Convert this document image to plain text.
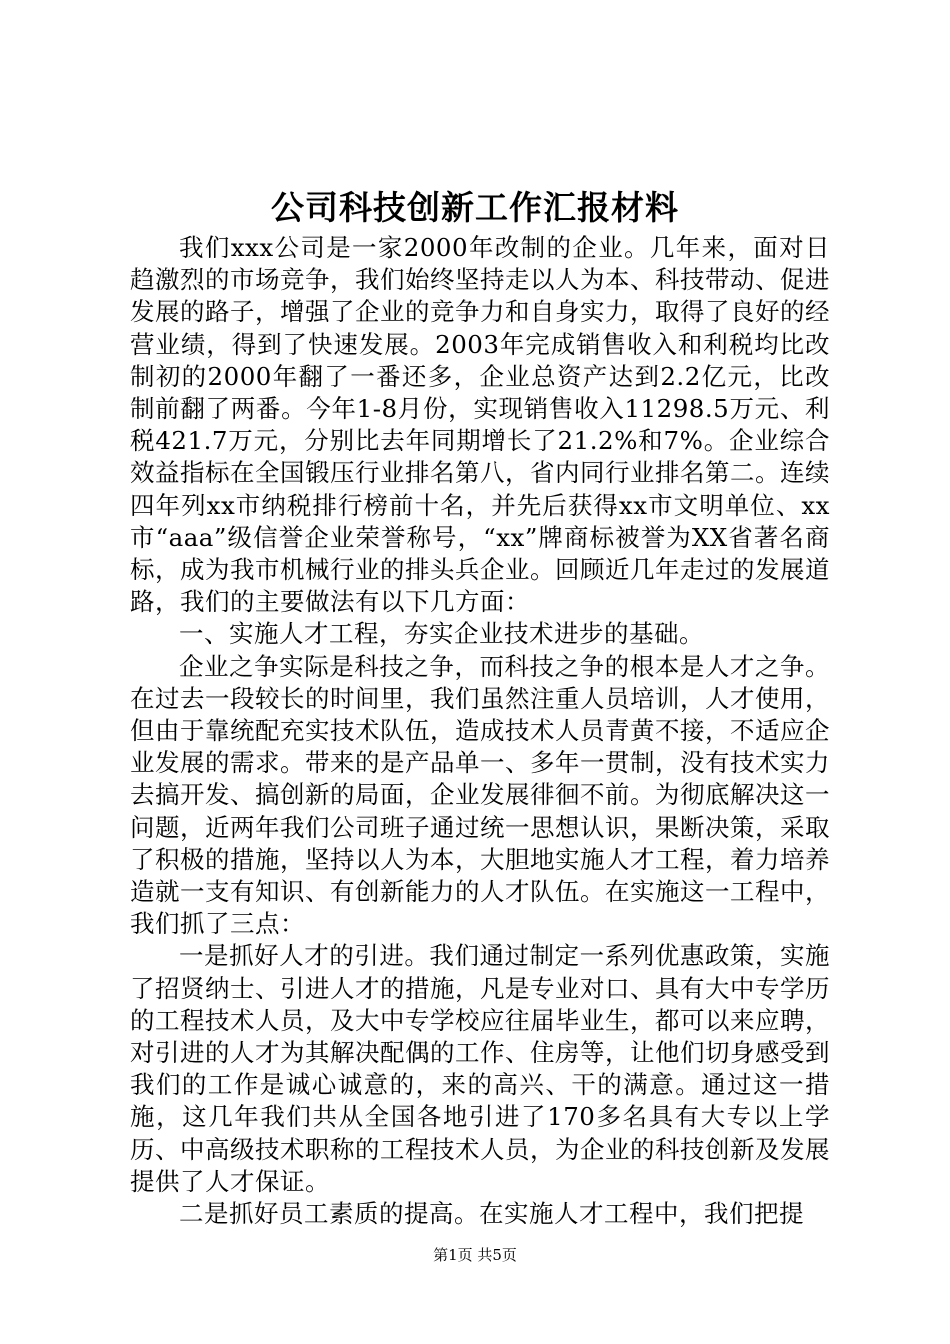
公司科技创新工作汇报材料

我们xxx公司是一家2000年改制的企业。几年来，面对日趋激烈的市场竞争，我们始终坚持走以人为本、科技带动、促进发展的路子，增强了企业的竞争力和自身实力，取得了良好的经营业绩，得到了快速发展。2003年完成销售收入和利税均比改制初的2000年翻了一番还多，企业总资产达到2.2亿元，比改制前翻了两番。今年1-8月份，实现销售收入11298.5万元、利税421.7万元，分别比去年同期增长了21.2%和7%。企业综合效益指标在全国锻压行业排名第八，省内同行业排名第二。连续四年列xx市纳税排行榜前十名，并先后获得xx市文明单位、xx市“aaa”级信誉企业荣誉称号，“xx”牌商标被誉为XX省著名商标，成为我市机械行业的排头兵企业。回顾近几年走过的发展道路，我们的主要做法有以下几方面：

一、实施人才工程，夯实企业技术进步的基础。

企业之争实际是科技之争，而科技之争的根本是人才之争。在过去一段较长的时间里，我们虽然注重人员培训，人才使用，但由于靠统配充实技术队伍，造成技术人员青黄不接，不适应企业发展的需求。带来的是产品单一、多年一贯制，没有技术实力去搞开发、搞创新的局面，企业发展徘徊不前。为彻底解决这一问题，近两年我们公司班子通过统一思想认识，果断决策，采取了积极的措施，坚持以人为本，大胆地实施人才工程，着力培养造就一支有知识、有创新能力的人才队伍。在实施这一工程中，我们抓了三点：

一是抓好人才的引进。我们通过制定一系列优惠政策，实施了招贤纳士、引进人才的措施，凡是专业对口、具有大中专学历的工程技术人员，及大中专学校应往届毕业生，都可以来应聘，对引进的人才为其解决配偶的工作、住房等，让他们切身感受到我们的工作是诚心诚意的，来的高兴、干的满意。通过这一措施，这几年我们共从全国各地引进了170多名具有大专以上学历、中高级技术职称的工程技术人员，为企业的科技创新及发展提供了人才保证。

二是抓好员工素质的提高。在实施人才工程中，我们把提

第1页 共5页
